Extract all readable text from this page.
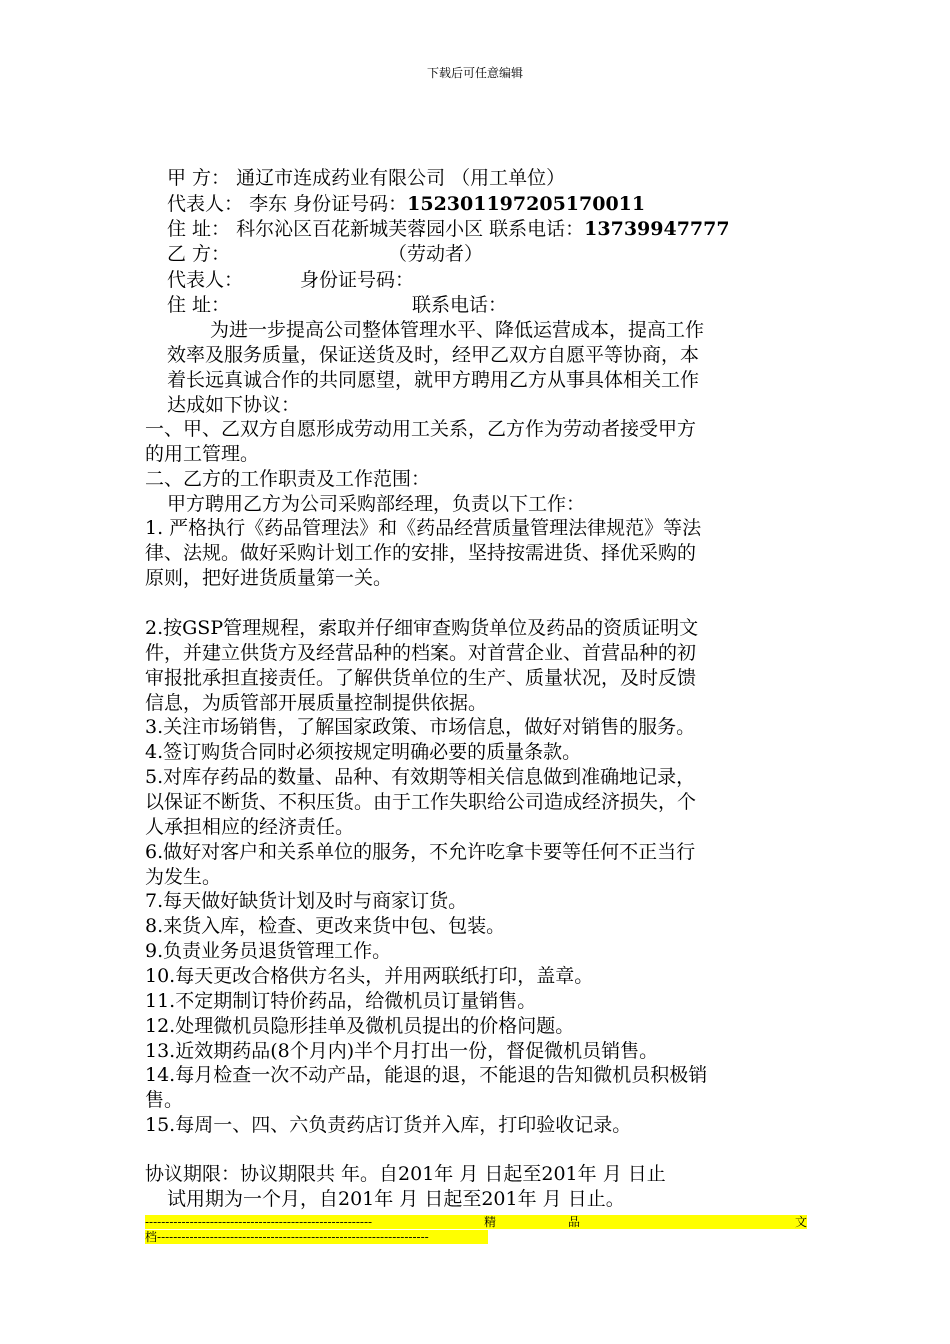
下载后可任意编辑
甲 方： 通辽市连成药业有限公司 （用工单位）
代表人： 李东 身份证号码：152301197205170011
住 址： 科尔沁区百花新城芙蓉园小区 联系电话：13739947777
乙 方：	（劳动者）
代表人：	身份证号码：
住 址：	联系电话：
为进一步提高公司整体管理水平、降低运营成本，提高工作
效率及服务质量，保证送货及时，经甲乙双方自愿平等协商，本
着长远真诚合作的共同愿望，就甲方聘用乙方从事具体相关工作
达成如下协议：
一、甲、乙双方自愿形成劳动用工关系，乙方作为劳动者接受甲方
的用工管理。
二、乙方的工作职责及工作范围：
甲方聘用乙方为公司采购部经理，负责以下工作：
1. 严格执行《药品管理法》和《药品经营质量管理法律规范》等法
律、法规。做好采购计划工作的安排，坚持按需进货、择优采购的
原则，把好进货质量第一关。
2.按GSP管理规程，索取并仔细审查购货单位及药品的资质证明文
件，并建立供货方及经营品种的档案。对首营企业、首营品种的初
审报批承担直接责任。了解供货单位的生产、质量状况，及时反馈
信息，为质管部开展质量控制提供依据。
3.关注市场销售，了解国家政策、市场信息，做好对销售的服务。
4.签订购货合同时必须按规定明确必要的质量条款。
5.对库存药品的数量、品种、有效期等相关信息做到准确地记录，
以保证不断货、不积压货。由于工作失职给公司造成经济损失，个
人承担相应的经济责任。
6.做好对客户和关系单位的服务，不允许吃拿卡要等任何不正当行
为发生。
7.每天做好缺货计划及时与商家订货。
8.来货入库，检查、更改来货中包、包装。
9.负责业务员退货管理工作。
10.每天更改合格供方名头，并用两联纸打印，盖章。
11.不定期制订特价药品，给微机员订量销售。
12.处理微机员隐形挂单及微机员提出的价格问题。
13.近效期药品(8个月内)半个月打出一份，督促微机员销售。
14.每月检查一次不动产品，能退的退，不能退的告知微机员积极销
售。
15.每周一、四、六负责药店订货并入库，打印验收记录。
协议期限：协议期限共 年。自201年 月 日起至201年 月 日止
试用期为一个月，自201年 月 日起至201年 月 日止。
--------------------------------------------------------	精	品	文
档-------------------------------------------------------------------
